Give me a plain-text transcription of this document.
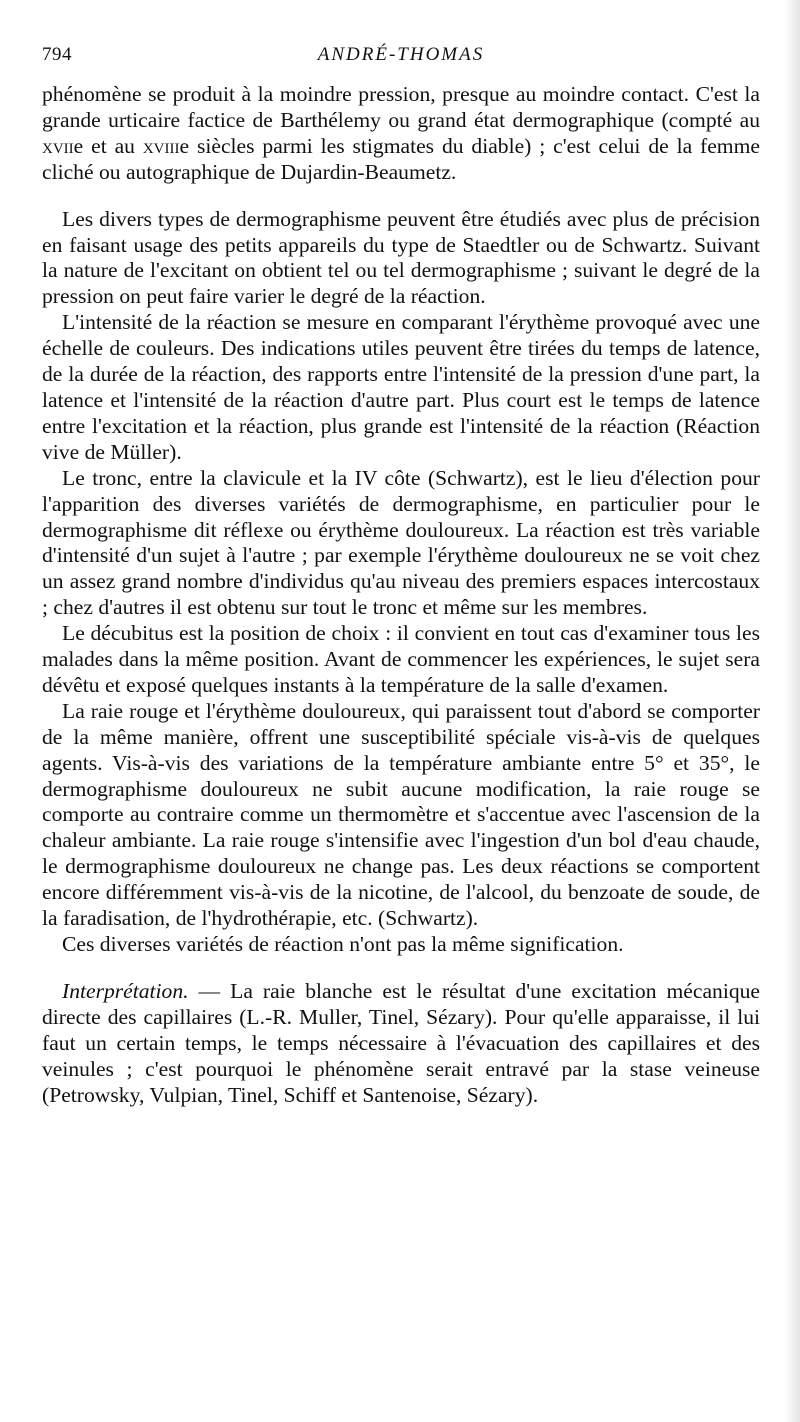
794	ANDRÉ-THOMAS

phénomène se produit à la moindre pression, presque au moindre contact. C'est la grande urticaire factice de Barthélemy ou grand état dermographique (compté au xviie et au xviiie siècles parmi les stigmates du diable) ; c'est celui de la femme cliché ou autographique de Dujardin-Beaumetz.

Les divers types de dermographisme peuvent être étudiés avec plus de précision en faisant usage des petits appareils du type de Staedtler ou de Schwartz. Suivant la nature de l'excitant on obtient tel ou tel dermographisme ; suivant le degré de la pression on peut faire varier le degré de la réaction.

L'intensité de la réaction se mesure en comparant l'érythème provoqué avec une échelle de couleurs. Des indications utiles peuvent être tirées du temps de latence, de la durée de la réaction, des rapports entre l'intensité de la pression d'une part, la latence et l'intensité de la réaction d'autre part. Plus court est le temps de latence entre l'excitation et la réaction, plus grande est l'intensité de la réaction (Réaction vive de Müller).

Le tronc, entre la clavicule et la IV côte (Schwartz), est le lieu d'élection pour l'apparition des diverses variétés de dermographisme, en particulier pour le dermographisme dit réflexe ou érythème douloureux. La réaction est très variable d'intensité d'un sujet à l'autre ; par exemple l'érythème douloureux ne se voit chez un assez grand nombre d'individus qu'au niveau des premiers espaces intercostaux ; chez d'autres il est obtenu sur tout le tronc et même sur les membres.

Le décubitus est la position de choix : il convient en tout cas d'examiner tous les malades dans la même position. Avant de commencer les expériences, le sujet sera dévêtu et exposé quelques instants à la température de la salle d'examen.

La raie rouge et l'érythème douloureux, qui paraissent tout d'abord se comporter de la même manière, offrent une susceptibilité spéciale vis-à-vis de quelques agents. Vis-à-vis des variations de la température ambiante entre 5° et 35°, le dermographisme douloureux ne subit aucune modification, la raie rouge se comporte au contraire comme un thermomètre et s'accentue avec l'ascension de la chaleur ambiante. La raie rouge s'intensifie avec l'ingestion d'un bol d'eau chaude, le dermographisme douloureux ne change pas. Les deux réactions se comportent encore différemment vis-à-vis de la nicotine, de l'alcool, du benzoate de soude, de la faradisation, de l'hydrothérapie, etc. (Schwartz).

Ces diverses variétés de réaction n'ont pas la même signification.

Interprétation. — La raie blanche est le résultat d'une excitation mécanique directe des capillaires (L.-R. Muller, Tinel, Sézary). Pour qu'elle apparaisse, il lui faut un certain temps, le temps nécessaire à l'évacuation des capillaires et des veinules ; c'est pourquoi le phénomène serait entravé par la stase veineuse (Petrowsky, Vulpian, Tinel, Schiff et Santenoise, Sézary).
